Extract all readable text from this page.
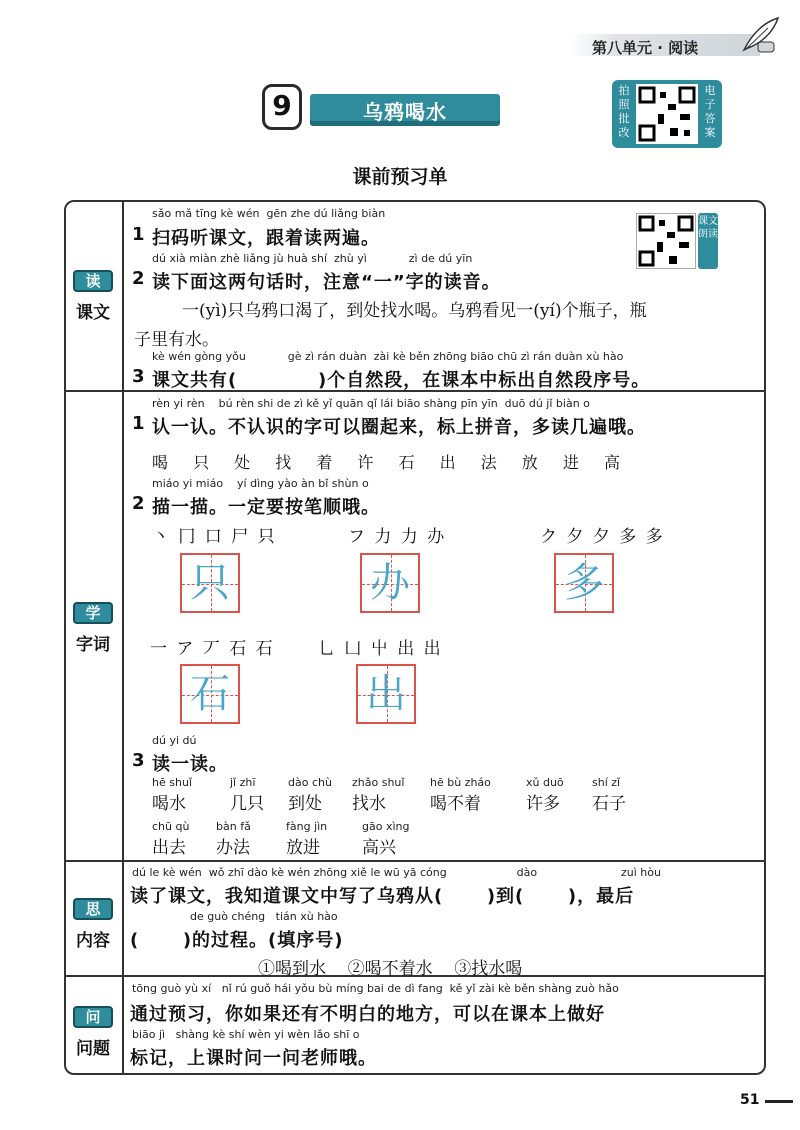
第八单元 · 阅读
9	乌鸦喝水
拍照批改
电子答案
课前预习单
读
课文
学
字词
思
内容
问
问题
sǎo mǎ tīng kè wén  gēn zhe dú liǎng biàn
1 扫码听课文，跟着读两遍。
课文朗读
dú xià miàn zhè liǎng jù huà shí  zhù yì            zì de dú yīn
2 读下面这两句话时，注意“一”字的读音。
一(yì)只乌鸦口渴了，到处找水喝。乌鸦看见一(yí)个瓶子，瓶
子里有水。
kè wén gòng yǒu            gè zì rán duàn  zài kè běn zhōng biāo chū zì rán duàn xù hào
3 课文共有(	)个自然段，在课本中标出自然段序号。
rèn yi rèn    bú rèn shi de zì kě yǐ quān qǐ lái biāo shàng pīn yīn  duō dú jǐ biàn o
1 认一认。不认识的字可以圈起来，标上拼音，多读几遍哦。
喝 只 处 找 着 许 石 出 法 放 进 高
miáo yi miáo    yí dìng yào àn bǐ shùn o
2 描一描。一定要按笔顺哦。
丶 冂 口 尸 只	フ 力 力 办	ク 夕 夕 多 多
只	办	多
一 ア 丆 石 石	乚 凵 屮 出 出
石	出
dú yi dú
3 读一读。
hē shuǐ
喝水
jǐ zhī
几只
dào chù
到处
zhǎo shuǐ
找水
hē bù zháo
喝不着
xǔ duō
许多
shí zǐ
石子
chū qù
出去
bàn fǎ
办法
fàng jìn
放进
gāo xìng
高兴
dú le kè wén  wǒ zhī dào kè wén zhōng xiě le wū yā cóng                    dào                        zuì hòu
读了课文，我知道课文中写了乌鸦从(      )到(      )，最后
de guò chéng   tián xù hào
(      )的过程。(填序号)
①喝到水    ②喝不着水    ③找水喝
tōng guò yù xí   nǐ rú guǒ hái yǒu bù míng bai de dì fang  kě yǐ zài kè běn shàng zuò hǎo
通过预习，你如果还有不明白的地方，可以在课本上做好
biāo jì   shàng kè shí wèn yi wèn lǎo shī o
标记，上课时问一问老师哦。
51
